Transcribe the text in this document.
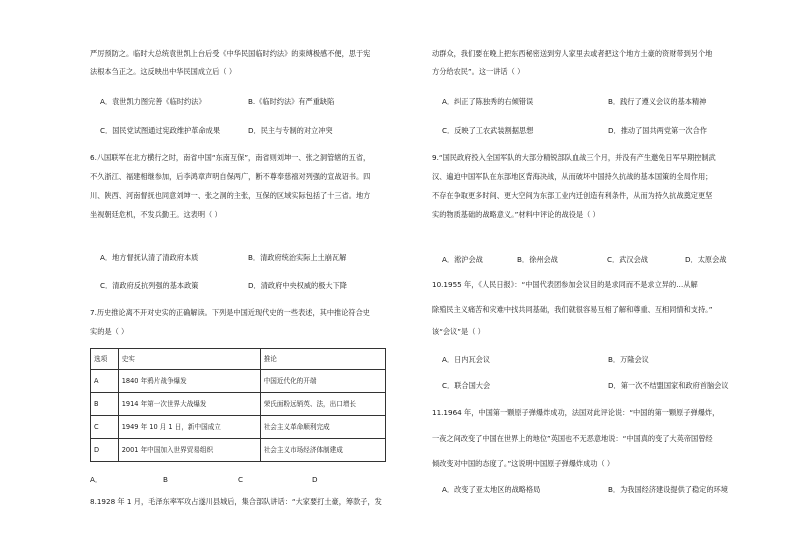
严厉预防之。临时大总统袁世凯上台后受《中华民国临时约法》的束缚极感不便，思于宪
法根本刍正之。这反映出中华民国成立后（ ）
A．袁世凯力图完善《临时约法》	B.《临时约法》有严重缺陷
C．国民党试图通过宪政维护革命成果	D．民主与专制的对立冲突
6.八国联军在北方横行之时，南省中国“东南互保”，南省则刘坤一、张之洞管辖的五省，
不久浙江、福建相继参加，后李鸿章声明自保两广，断不尊奉慈禧对列强的宣战诏书。四
川、陕西、河南督抚也同意刘坤一、张之洞的主张，互保的区域实际包括了十三省。地方
坐视朝廷危机，不发兵勤王。这表明（ ）
A．地方督抚认清了清政府本质	B．清政府统治实际上土崩瓦解
C．清政府反抗列强的基本政策	D．清政府中央权威的极大下降
7.历史推论离不开对史实的正确解读。下列是中国近现代史的一些表述，其中推论符合史
实的是（ ）
选项	史实	推论
A	1840 年鸦片战争爆发	中国近代化的开端
B	1914 年第一次世界大战爆发	荣氏面粉远销英、法，出口增长
C	1949 年 10 月 1 日，新中国成立	社会主义革命顺利完成
D	2001 年中国加入世界贸易组织	社会主义市场经济体制建成
A．	B	C	D
8.1928 年 1 月，毛泽东率军攻占遂川县城后，集合部队讲话：“大家要打土豪，筹款子，发
动群众，我们要在晚上把东西秘密送到穷人家里去或者把这个地方土豪的资财带到另个地
方分给农民”。这一讲话（ ）
A．纠正了陈独秀的右倾错误	B．践行了遵义会议的基本精神
C．反映了工农武装割据思想	D．推动了国共两党第一次合作
9.“国民政府投入全国军队的大部分精锐部队血战三个月，并没有产生邀免日军早期控制武
汉、遍迫中国军队在东部地区背海决战，从而破坏中国持久抗战的基本国策的全局作用；
不存在争取更多时间、更大空间为东部工业内迁创造有利条件，从而为持久抗战奠定更坚
实的物质基础的战略意义。”材料中评论的战役是（ ）
A．淞沪会战	B．徐州会战	C．武汉会战	D．太原会战
10.1955 年，《人民日报》：“中国代表团参加会议目的是求同而不是求立异的…从解
除殖民主义痛苦和灾难中找共同基础，我们就很容易互相了解和尊重、互相同情和支持。”
该“会议”是（ ）
A．日内瓦会议	B．万隆会议
C．联合国大会	D．第一次不结盟国家和政府首脑会议
11.1964 年，中国第一颗原子弹爆炸成功，法国对此评论说：“中国的第一颗原子弹爆炸，
一夜之间改变了中国在世界上的地位”英国也不无恶意地说：“中国真的变了大英帝国曾经
倾改变对中国的态度了。”这说明中国原子弹爆炸成功（ ）
A．改变了亚太地区的战略格局	B．为我国经济建设提供了稳定的环境
